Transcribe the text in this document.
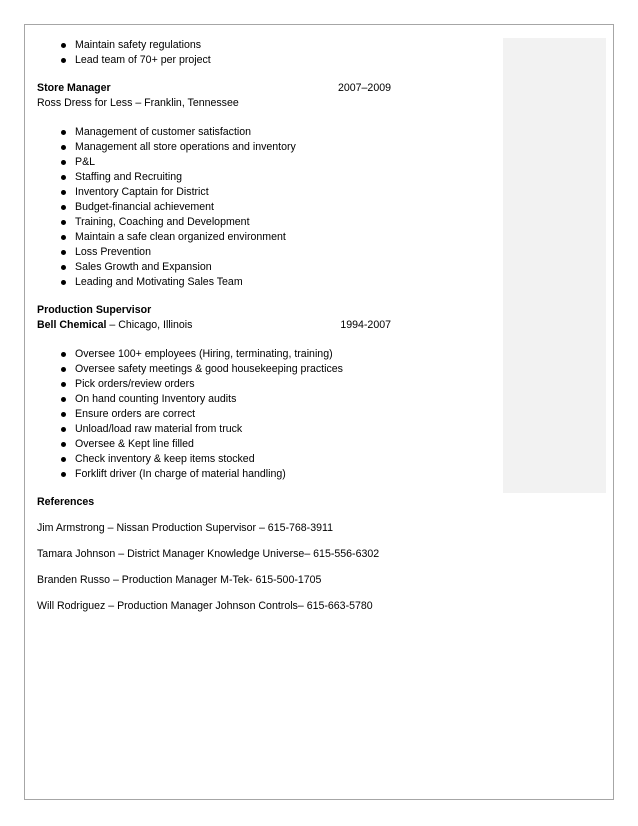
Maintain safety regulations
Lead team of 70+ per project
Store Manager	2007–2009
Ross Dress for Less – Franklin, Tennessee
Management of customer satisfaction
Management all store operations and inventory
P&L
Staffing and Recruiting
Inventory Captain for District
Budget-financial achievement
Training, Coaching and Development
Maintain a safe clean organized environment
Loss Prevention
Sales Growth and Expansion
Leading and Motivating Sales Team
Production Supervisor
Bell Chemical – Chicago, Illinois	1994-2007
Oversee 100+ employees (Hiring, terminating, training)
Oversee safety meetings & good housekeeping practices
Pick orders/review orders
On hand counting Inventory audits
Ensure orders are correct
Unload/load raw material from truck
Oversee & Kept line filled
Check inventory & keep items stocked
Forklift driver (In charge of material handling)
References
Jim Armstrong – Nissan Production Supervisor – 615-768-3911
Tamara Johnson – District Manager Knowledge Universe– 615-556-6302
Branden Russo – Production Manager M-Tek- 615-500-1705
Will Rodriguez – Production Manager Johnson Controls– 615-663-5780
